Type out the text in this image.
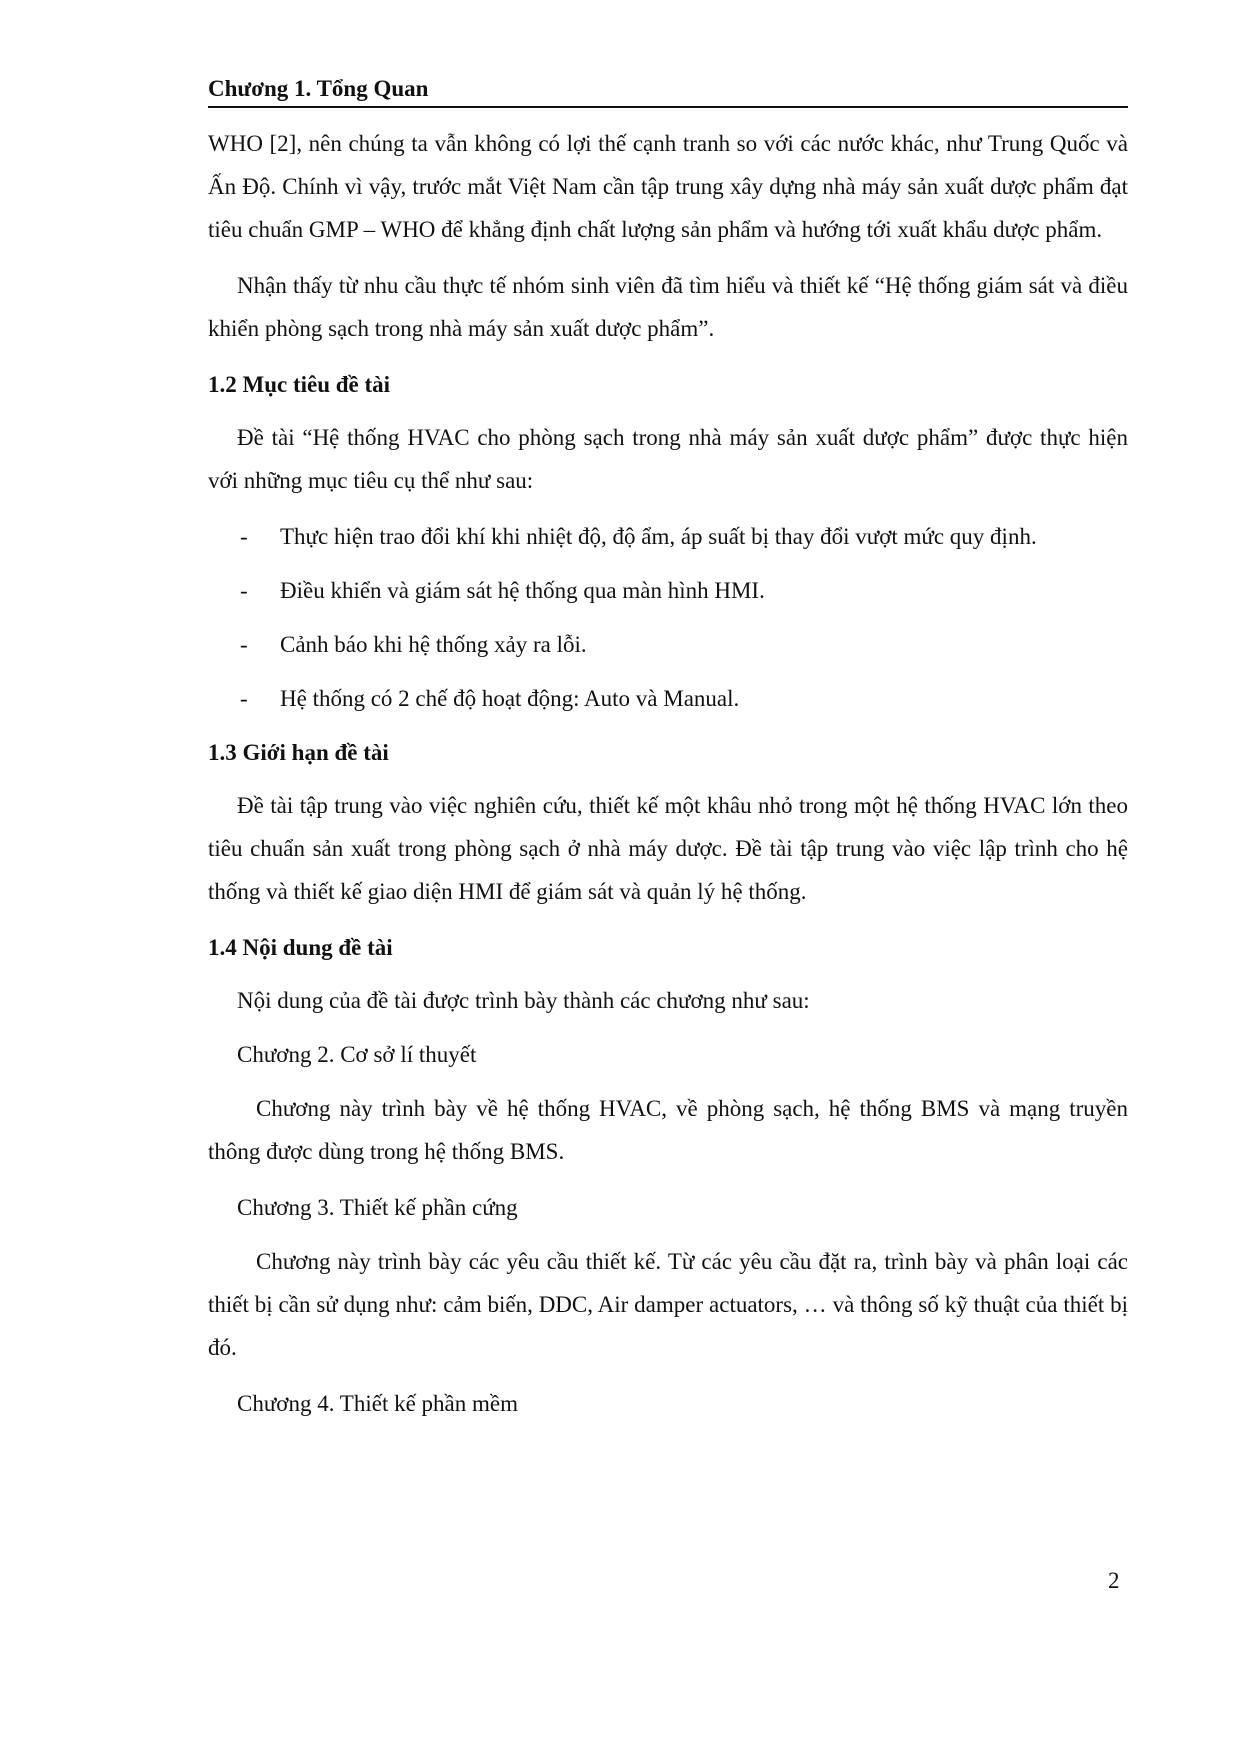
Chương 1. Tổng Quan

WHO [2], nên chúng ta vẫn không có lợi thế cạnh tranh so với các nước khác, như Trung Quốc và Ấn Độ. Chính vì vậy, trước mắt Việt Nam cần tập trung xây dựng nhà máy sản xuất dược phẩm đạt tiêu chuẩn GMP – WHO để khẳng định chất lượng sản phẩm và hướng tới xuất khẩu dược phẩm.

Nhận thấy từ nhu cầu thực tế nhóm sinh viên đã tìm hiểu và thiết kế “Hệ thống giám sát và điều khiển phòng sạch trong nhà máy sản xuất dược phẩm”.

1.2 Mục tiêu đề tài

Đề tài “Hệ thống HVAC cho phòng sạch trong nhà máy sản xuất dược phẩm” được thực hiện với những mục tiêu cụ thể như sau:

- Thực hiện trao đổi khí khi nhiệt độ, độ ẩm, áp suất bị thay đổi vượt mức quy định.
- Điều khiển và giám sát hệ thống qua màn hình HMI.
- Cảnh báo khi hệ thống xảy ra lỗi.
- Hệ thống có 2 chế độ hoạt động: Auto và Manual.

1.3 Giới hạn đề tài

Đề tài tập trung vào việc nghiên cứu, thiết kế một khâu nhỏ trong một hệ thống HVAC lớn theo tiêu chuẩn sản xuất trong phòng sạch ở nhà máy dược. Đề tài tập trung vào việc lập trình cho hệ thống và thiết kế giao diện HMI để giám sát và quản lý hệ thống.

1.4 Nội dung đề tài

Nội dung của đề tài được trình bày thành các chương như sau:

Chương 2. Cơ sở lí thuyết

Chương này trình bày về hệ thống HVAC, về phòng sạch, hệ thống BMS và mạng truyền thông được dùng trong hệ thống BMS.

Chương 3. Thiết kế phần cứng

Chương này trình bày các yêu cầu thiết kế. Từ các yêu cầu đặt ra, trình bày và phân loại các thiết bị cần sử dụng như: cảm biến, DDC, Air damper actuators, … và thông số kỹ thuật của thiết bị đó.

Chương 4. Thiết kế phần mềm

2
